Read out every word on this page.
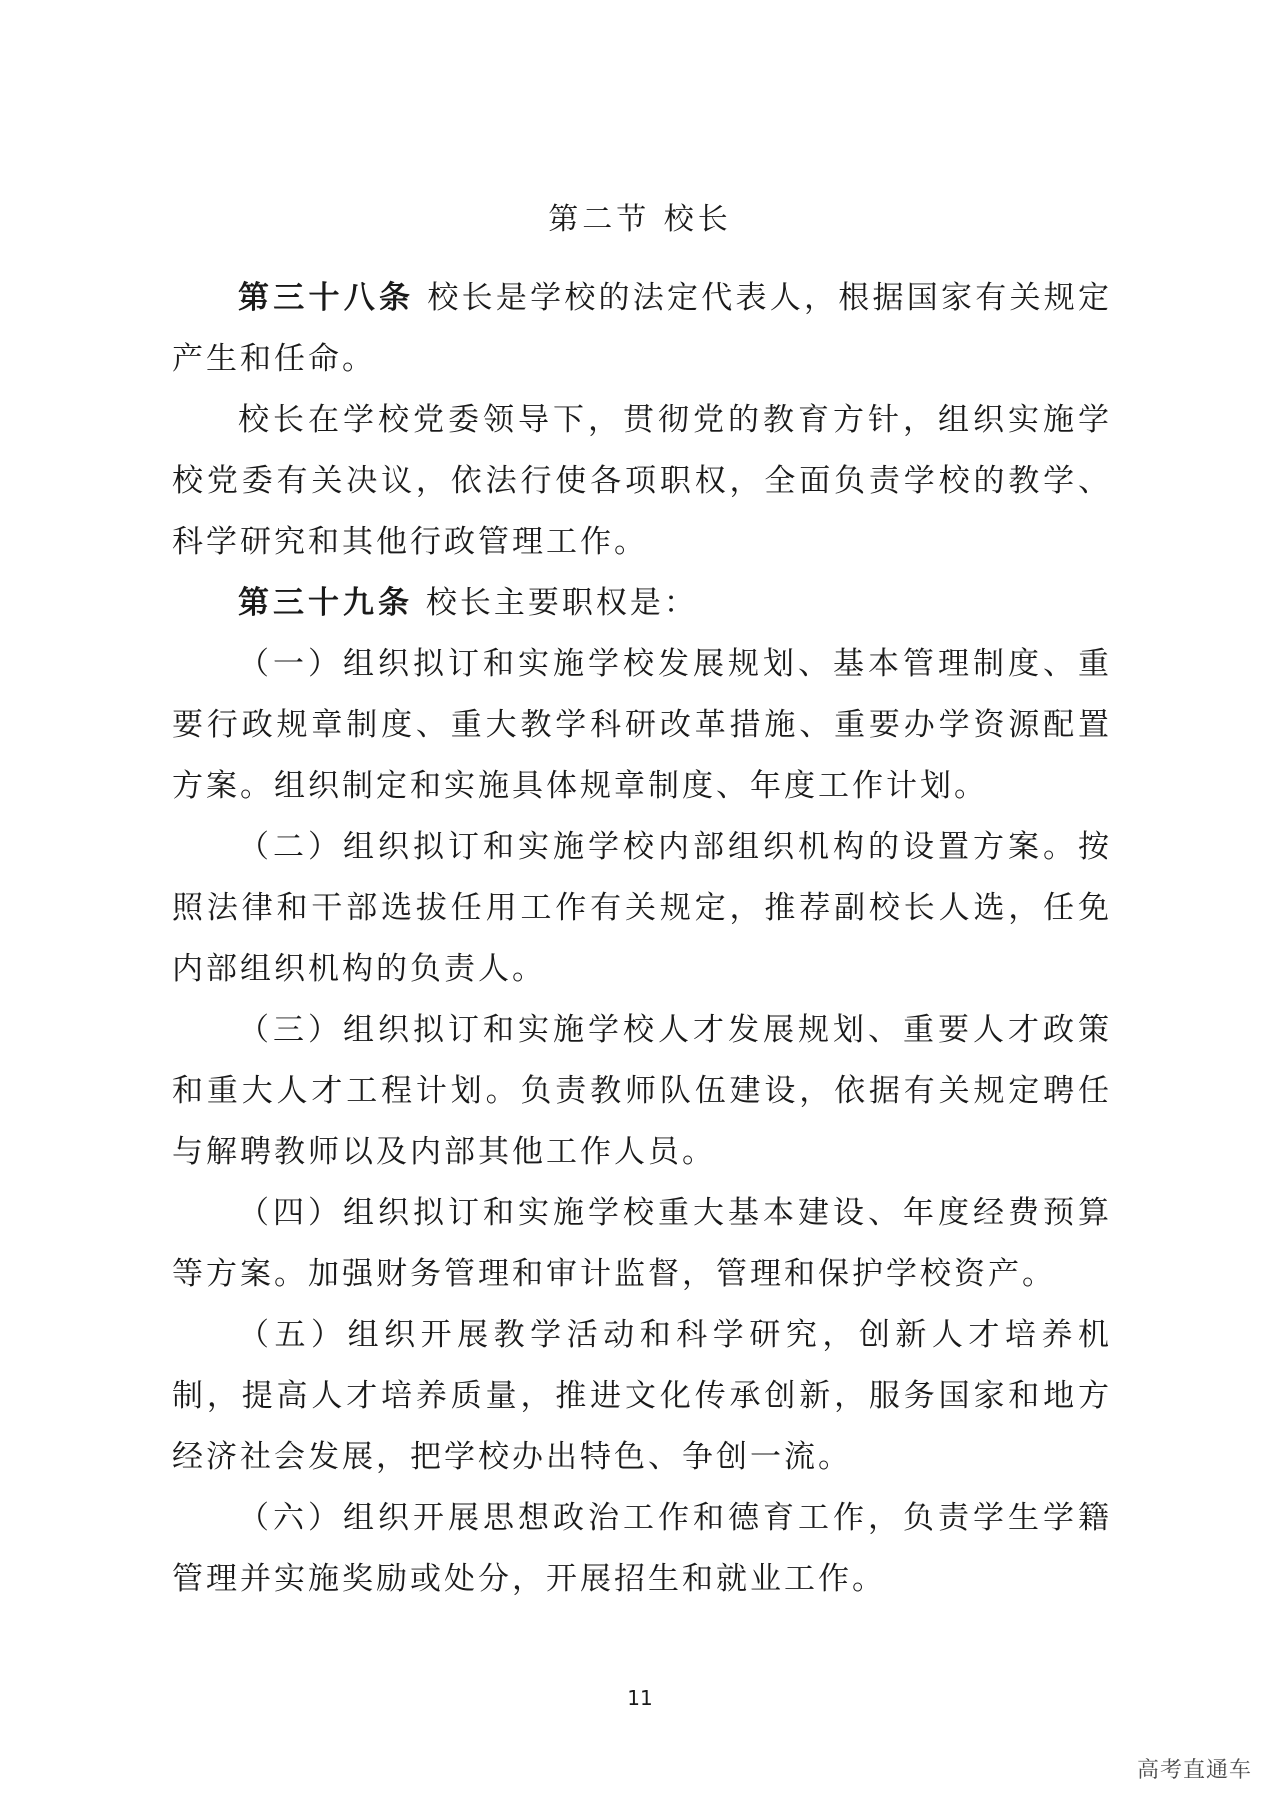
第二节 校长

第三十八条 校长是学校的法定代表人，根据国家有关规定产生和任命。

校长在学校党委领导下，贯彻党的教育方针，组织实施学校党委有关决议，依法行使各项职权，全面负责学校的教学、科学研究和其他行政管理工作。

第三十九条 校长主要职权是：

（一）组织拟订和实施学校发展规划、基本管理制度、重要行政规章制度、重大教学科研改革措施、重要办学资源配置方案。组织制定和实施具体规章制度、年度工作计划。

（二）组织拟订和实施学校内部组织机构的设置方案。按照法律和干部选拔任用工作有关规定，推荐副校长人选，任免内部组织机构的负责人。

（三）组织拟订和实施学校人才发展规划、重要人才政策和重大人才工程计划。负责教师队伍建设，依据有关规定聘任与解聘教师以及内部其他工作人员。

（四）组织拟订和实施学校重大基本建设、年度经费预算等方案。加强财务管理和审计监督，管理和保护学校资产。

（五）组织开展教学活动和科学研究，创新人才培养机制，提高人才培养质量，推进文化传承创新，服务国家和地方经济社会发展，把学校办出特色、争创一流。

（六）组织开展思想政治工作和德育工作，负责学生学籍管理并实施奖励或处分，开展招生和就业工作。

11
高考直通车
